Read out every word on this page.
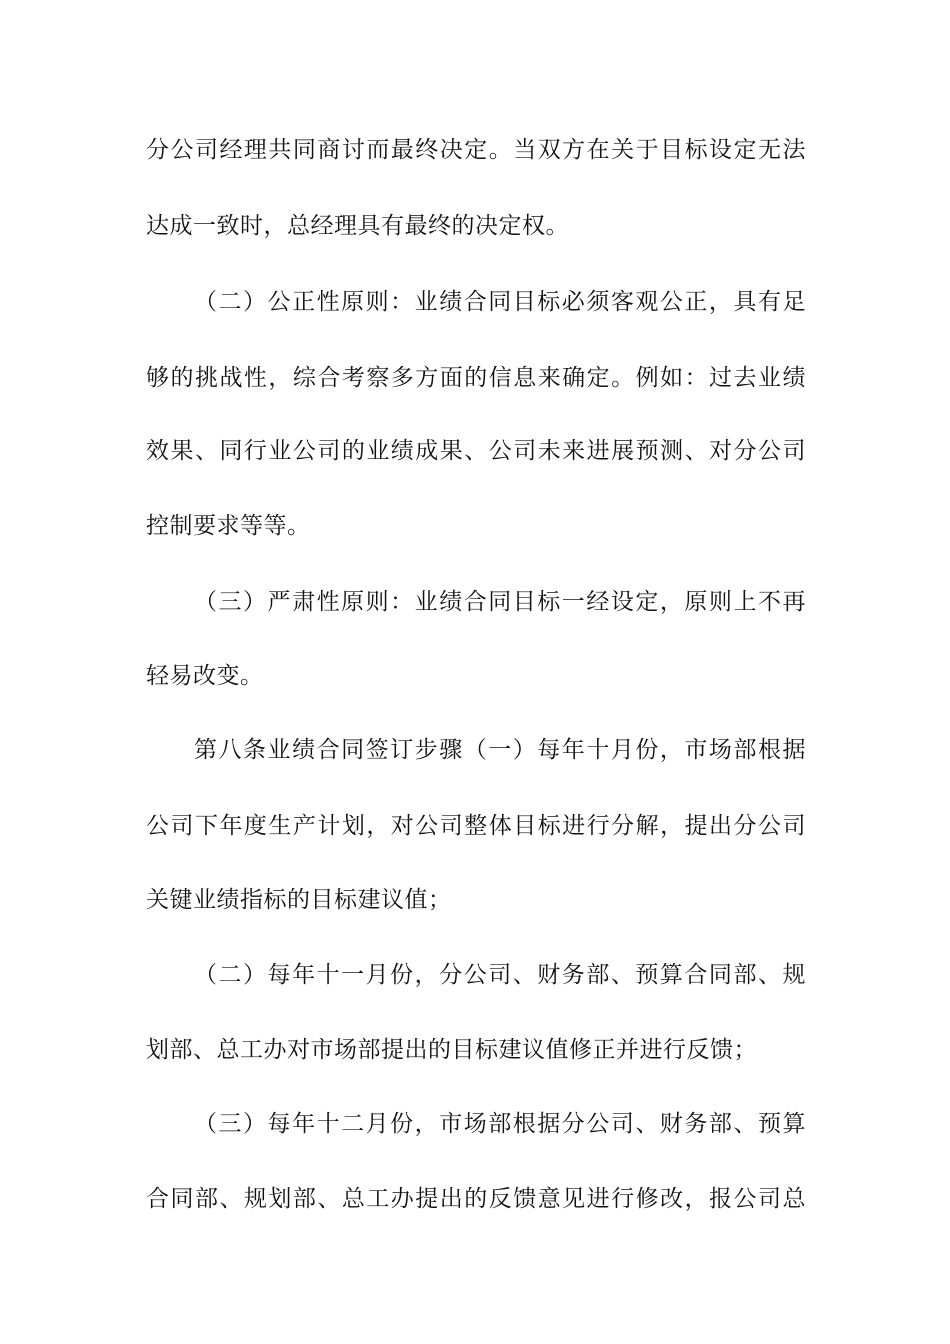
分公司经理共同商讨而最终决定。当双方在关于目标设定无法
达成一致时，总经理具有最终的决定权。
（二）公正性原则：业绩合同目标必须客观公正，具有足
够的挑战性，综合考察多方面的信息来确定。例如：过去业绩
效果、同行业公司的业绩成果、公司未来进展预测、对分公司
控制要求等等。
（三）严肃性原则：业绩合同目标一经设定，原则上不再
轻易改变。
第八条业绩合同签订步骤（一）每年十月份，市场部根据
公司下年度生产计划，对公司整体目标进行分解，提出分公司
关键业绩指标的目标建议值；
（二）每年十一月份，分公司、财务部、预算合同部、规
划部、总工办对市场部提出的目标建议值修正并进行反馈；
（三）每年十二月份，市场部根据分公司、财务部、预算
合同部、规划部、总工办提出的反馈意见进行修改，报公司总
